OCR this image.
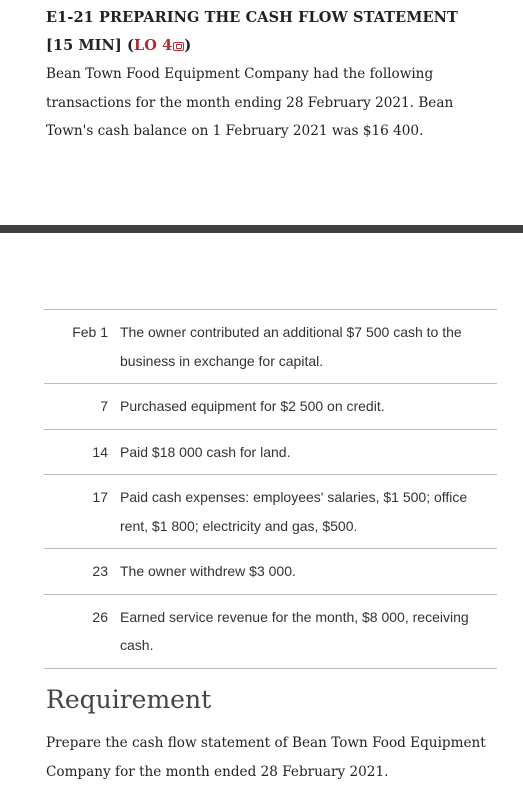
E1-21 PREPARING THE CASH FLOW STATEMENT [15 MIN] (LO 4 )
Bean Town Food Equipment Company had the following transactions for the month ending 28 February 2021. Bean Town's cash balance on 1 February 2021 was $16 400.
Feb 1 The owner contributed an additional $7 500 cash to the business in exchange for capital.
7 Purchased equipment for $2 500 on credit.
14 Paid $18 000 cash for land.
17 Paid cash expenses: employees' salaries, $1 500; office rent, $1 800; electricity and gas, $500.
23 The owner withdrew $3 000.
26 Earned service revenue for the month, $8 000, receiving cash.
Requirement
Prepare the cash flow statement of Bean Town Food Equipment Company for the month ended 28 February 2021.
